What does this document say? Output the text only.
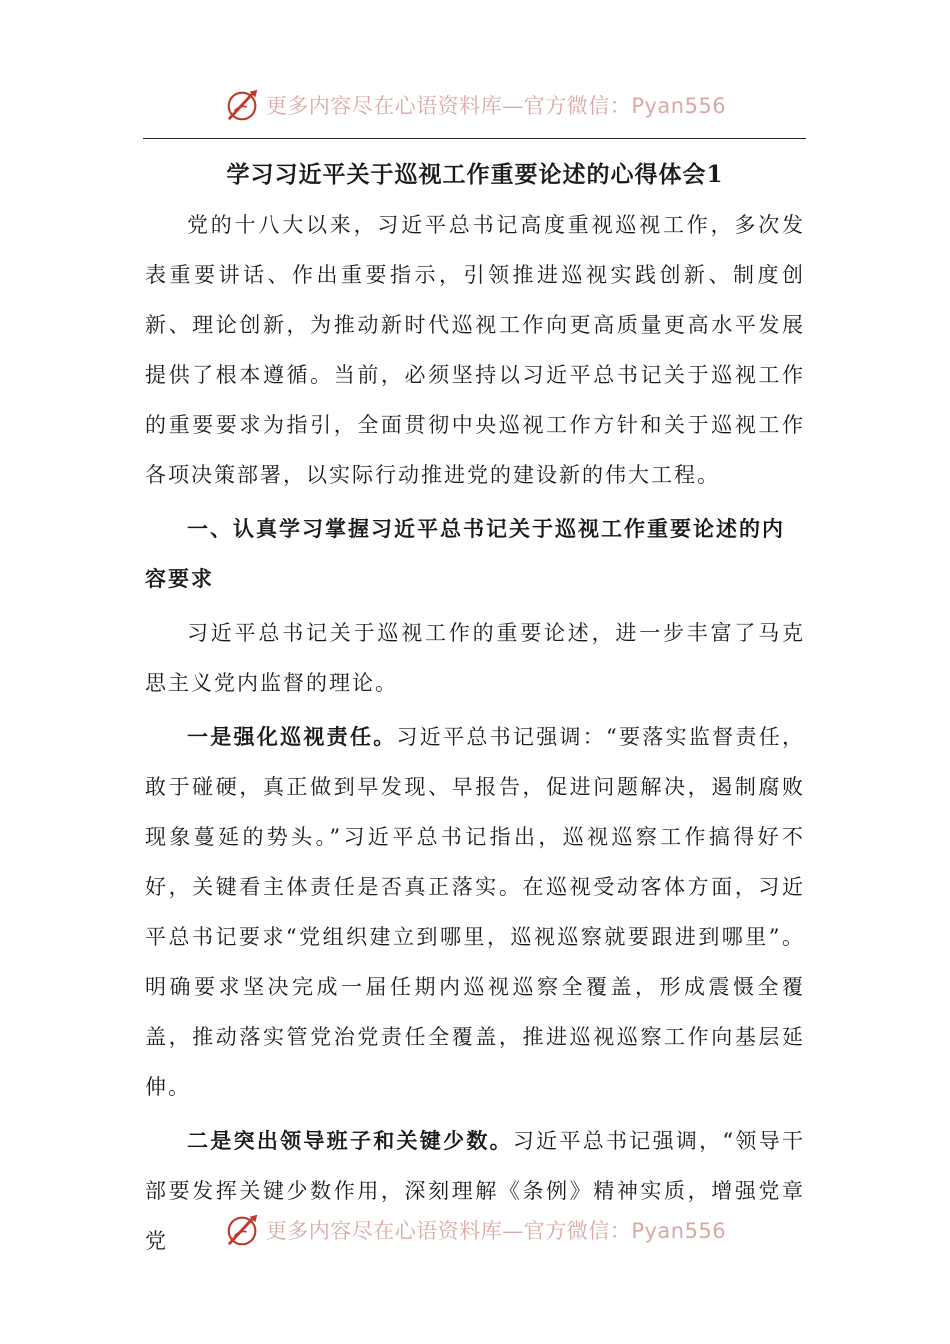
更多内容尽在心语资料库—官方微信：Pyan556
学习习近平关于巡视工作重要论述的心得体会1

党的十八大以来，习近平总书记高度重视巡视工作，多次发表重要讲话、作出重要指示，引领推进巡视实践创新、制度创新、理论创新，为推动新时代巡视工作向更高质量更高水平发展提供了根本遵循。当前，必须坚持以习近平总书记关于巡视工作的重要要求为指引，全面贯彻中央巡视工作方针和关于巡视工作各项决策部署，以实际行动推进党的建设新的伟大工程。

一、认真学习掌握习近平总书记关于巡视工作重要论述的内容要求

习近平总书记关于巡视工作的重要论述，进一步丰富了马克思主义党内监督的理论。

一是强化巡视责任。习近平总书记强调：“要落实监督责任，敢于碰硬，真正做到早发现、早报告，促进问题解决，遏制腐败现象蔓延的势头。”习近平总书记指出，巡视巡察工作搞得好不好，关键看主体责任是否真正落实。在巡视受动客体方面，习近平总书记要求“党组织建立到哪里，巡视巡察就要跟进到哪里”。明确要求坚决完成一届任期内巡视巡察全覆盖，形成震慑全覆盖，推动落实管党治党责任全覆盖，推进巡视巡察工作向基层延伸。

二是突出领导班子和关键少数。习近平总书记强调，“领导干部要发挥关键少数作用，深刻理解《条例》精神实质，增强党章党	更多内容尽在心语资料库—官方微信：Pyan556
